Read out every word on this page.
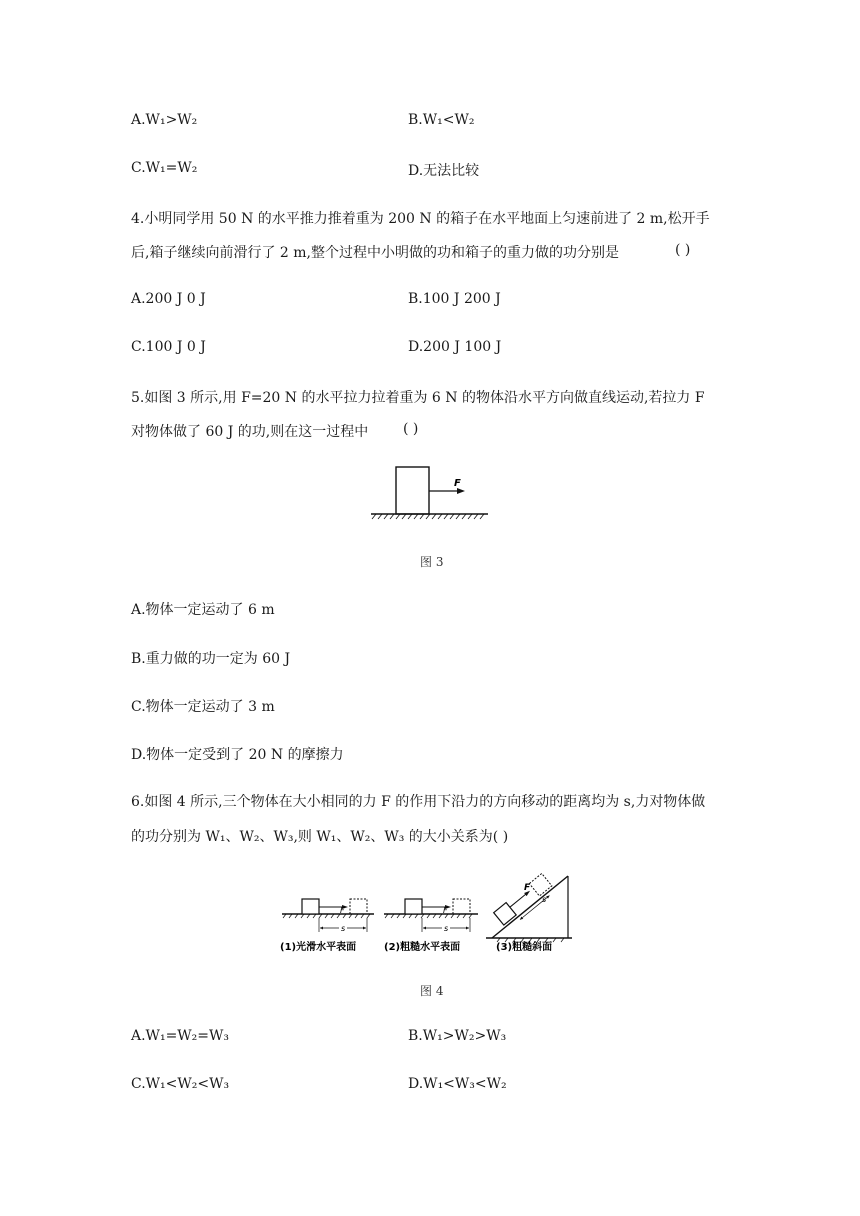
A.W₁>W₂	B.W₁<W₂
C.W₁=W₂	D.无法比较
4.小明同学用 50 N 的水平推力推着重为 200 N 的箱子在水平地面上匀速前进了 2 m,松开手
后,箱子继续向前滑行了 2 m,整个过程中小明做的功和箱子的重力做的功分别是	( )
A.200 J 0 J	B.100 J 200 J
C.100 J 0 J	D.200 J 100 J
5.如图 3 所示,用 F=20 N 的水平拉力拉着重为 6 N 的物体沿水平方向做直线运动,若拉力 F
对物体做了 60 J 的功,则在这一过程中 ( )
F
图 3
A.物体一定运动了 6 m
B.重力做的功一定为 60 J
C.物体一定运动了 3 m
D.物体一定受到了 20 N 的摩擦力
6.如图 4 所示,三个物体在大小相同的力 F 的作用下沿力的方向移动的距离均为 s,力对物体做
的功分别为 W₁、W₂、W₃,则 W₁、W₂、W₃ 的大小关系为( )
F
s
(1)光滑水平表面
F
s
(2)粗糙水平表面
F
s
(3)粗糙斜面
图 4
A.W₁=W₂=W₃	B.W₁>W₂>W₃
C.W₁<W₂<W₃	D.W₁<W₃<W₂
